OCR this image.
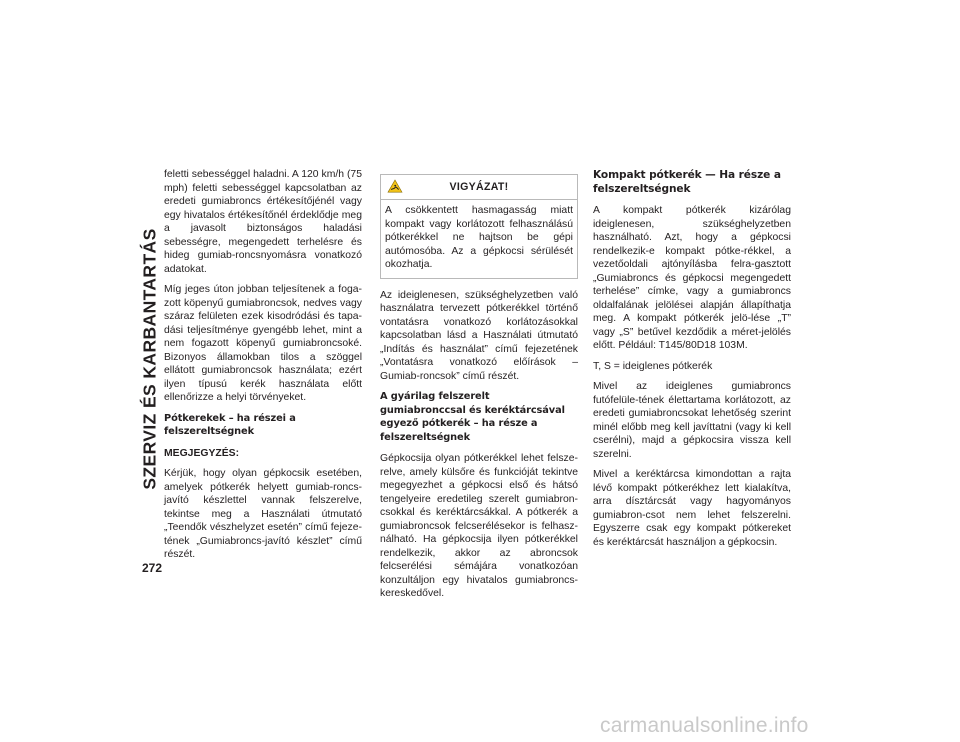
SZERVIZ ÉS KARBANTARTÁS
272

feletti sebességgel haladni. A 120 km/h (75 mph) feletti sebességgel kapcsolatban az eredeti gumiabroncs értékesítőjénél vagy egy hivatalos értékesítőnél érdeklődje meg a javasolt biztonságos haladási sebességre, megengedett terhelésre és hideg gumiab-roncsnyomásra vonatkozó adatokat.

Míg jeges úton jobban teljesítenek a foga-zott köpenyű gumiabroncsok, nedves vagy száraz felületen ezek kisodródási és tapa-dási teljesítménye gyengébb lehet, mint a nem fogazott köpenyű gumiabroncsoké. Bizonyos államokban tilos a szöggel ellátott gumiabroncsok használata; ezért ilyen típusú kerék használata előtt ellenőrizze a helyi törvényeket.

Pótkerekek – ha részei a felszereltségnek

MEGJEGYZÉS:

Kérjük, hogy olyan gépkocsik esetében, amelyek pótkerék helyett gumiab-roncs-javító készlettel vannak felszerelve, tekintse meg a Használati útmutató „Teendők vészhelyzet esetén” című fejeze-tének „Gumiabroncs-javító készlet” című részét.

VIGYÁZAT!

A csökkentett hasmagasság miatt kompakt vagy korlátozott felhasználású pótkerékkel ne hajtson be gépi autómosóba. Az a gépkocsi sérülését okozhatja.

Az ideiglenesen, szükséghelyzetben való használatra tervezett pótkerékkel történő vontatásra vonatkozó korlátozásokkal kapcsolatban lásd a Használati útmutató „Indítás és használat” című fejezetének „Vontatásra vonatkozó előírások – Gumiab-roncsok” című részét.

A gyárilag felszerelt gumiabronccsal és keréktárcsával egyező pótkerék – ha része a felszereltségnek

Gépkocsija olyan pótkerékkel lehet felsze-relve, amely külsőre és funkcióját tekintve megegyezhet a gépkocsi első és hátsó tengelyeire eredetileg szerelt gumiabron-csokkal és keréktárcsákkal. A pótkerék a gumiabroncsok felcserélésekor is felhasz-nálható. Ha gépkocsija ilyen pótkerékkel rendelkezik, akkor az abroncsok felcserélési sémájára vonatkozóan konzultáljon egy hivatalos gumiabroncs-kereskedővel.

Kompakt pótkerék — Ha része a felszereltségnek

A kompakt pótkerék kizárólag ideiglenesen, szükséghelyzetben használható. Azt, hogy a gépkocsi rendelkezik-e kompakt pótke-rékkel, a vezetőoldali ajtónyílásba felra-gasztott „Gumiabroncs és gépkocsi megengedett terhelése” címke, vagy a gumiabroncs oldalfalának jelölései alapján állapíthatja meg. A kompakt pótkerék jelö-lése „T” vagy „S” betűvel kezdődik a méret-jelölés előtt. Például: T145/80D18 103M.

T, S = ideiglenes pótkerék

Mivel az ideiglenes gumiabroncs futófelüle-tének élettartama korlátozott, az eredeti gumiabroncsokat lehetőség szerint minél előbb meg kell javíttatni (vagy ki kell cserélni), majd a gépkocsira vissza kell szerelni.

Mivel a keréktárcsa kimondottan a rajta lévő kompakt pótkerékhez lett kialakítva, arra dísztárcsát vagy hagyományos gumiabron-csot nem lehet felszerelni. Egyszerre csak egy kompakt pótkereket és keréktárcsát használjon a gépkocsin.

carmanualsonline.info
